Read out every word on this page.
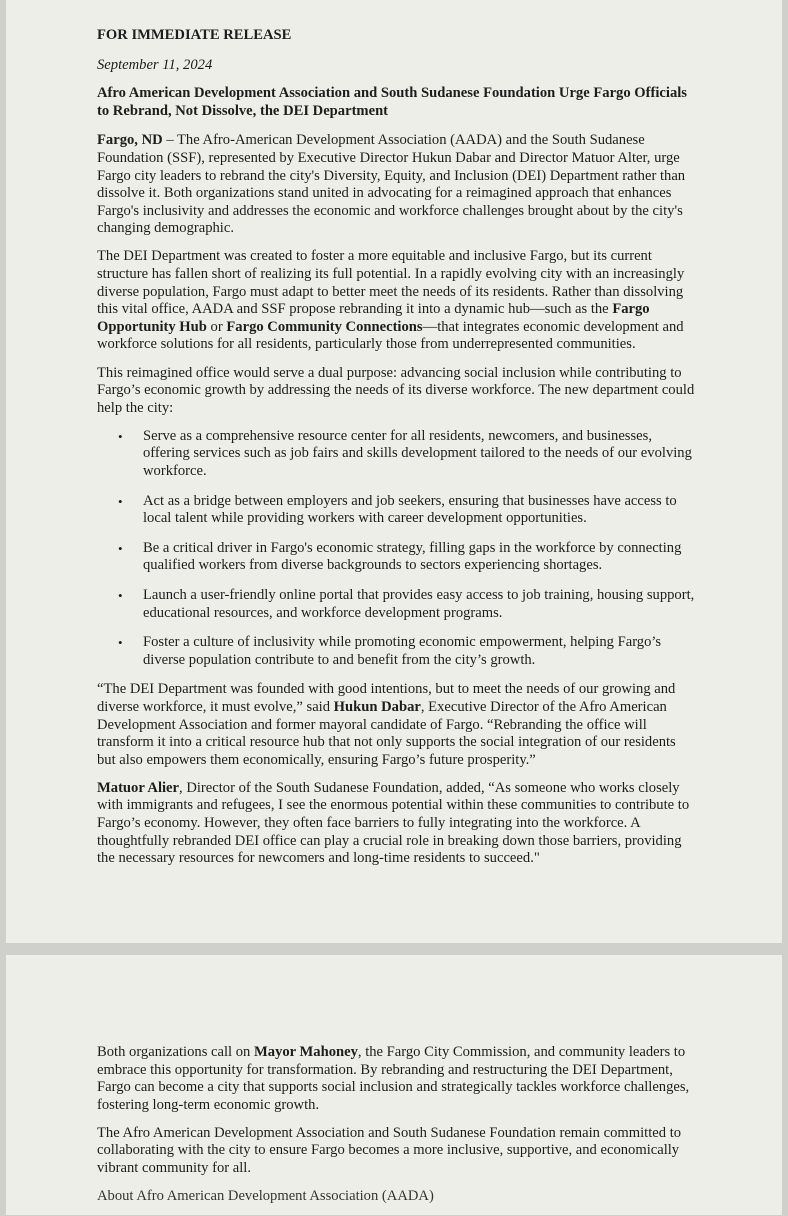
FOR IMMEDIATE RELEASE

September 11, 2024

Afro American Development Association and South Sudanese Foundation Urge Fargo Officials to Rebrand, Not Dissolve, the DEI Department

Fargo, ND – The Afro-American Development Association (AADA) and the South Sudanese Foundation (SSF), represented by Executive Director Hukun Dabar and Director Matuor Alter, urge Fargo city leaders to rebrand the city's Diversity, Equity, and Inclusion (DEI) Department rather than dissolve it. Both organizations stand united in advocating for a reimagined approach that enhances Fargo's inclusivity and addresses the economic and workforce challenges brought about by the city's changing demographic.

The DEI Department was created to foster a more equitable and inclusive Fargo, but its current structure has fallen short of realizing its full potential. In a rapidly evolving city with an increasingly diverse population, Fargo must adapt to better meet the needs of its residents. Rather than dissolving this vital office, AADA and SSF propose rebranding it into a dynamic hub—such as the Fargo Opportunity Hub or Fargo Community Connections—that integrates economic development and workforce solutions for all residents, particularly those from underrepresented communities.

This reimagined office would serve a dual purpose: advancing social inclusion while contributing to Fargo’s economic growth by addressing the needs of its diverse workforce. The new department could help the city:

• Serve as a comprehensive resource center for all residents, newcomers, and businesses, offering services such as job fairs and skills development tailored to the needs of our evolving workforce.
• Act as a bridge between employers and job seekers, ensuring that businesses have access to local talent while providing workers with career development opportunities.
• Be a critical driver in Fargo's economic strategy, filling gaps in the workforce by connecting qualified workers from diverse backgrounds to sectors experiencing shortages.
• Launch a user-friendly online portal that provides easy access to job training, housing support, educational resources, and workforce development programs.
• Foster a culture of inclusivity while promoting economic empowerment, helping Fargo’s diverse population contribute to and benefit from the city’s growth.

“The DEI Department was founded with good intentions, but to meet the needs of our growing and diverse workforce, it must evolve,” said Hukun Dabar, Executive Director of the Afro American Development Association and former mayoral candidate of Fargo. “Rebranding the office will transform it into a critical resource hub that not only supports the social integration of our residents but also empowers them economically, ensuring Fargo’s future prosperity.”

Matuor Alier, Director of the South Sudanese Foundation, added, “As someone who works closely with immigrants and refugees, I see the enormous potential within these communities to contribute to Fargo’s economy. However, they often face barriers to fully integrating into the workforce. A thoughtfully rebranded DEI office can play a crucial role in breaking down those barriers, providing the necessary resources for newcomers and long-time residents to succeed."

Both organizations call on Mayor Mahoney, the Fargo City Commission, and community leaders to embrace this opportunity for transformation. By rebranding and restructuring the DEI Department, Fargo can become a city that supports social inclusion and strategically tackles workforce challenges, fostering long-term economic growth.

The Afro American Development Association and South Sudanese Foundation remain committed to collaborating with the city to ensure Fargo becomes a more inclusive, supportive, and economically vibrant community for all.

About Afro American Development Association (AADA)
